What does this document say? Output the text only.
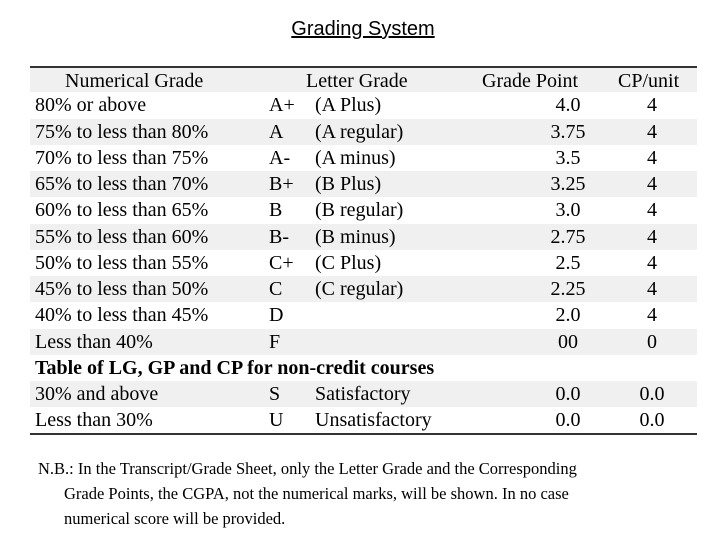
Grading System
Numerical Grade	Letter Grade	Grade Point CP/unit
80% or above	A+ (A Plus)	4.0	4
75% to less than 80%	A (A regular)	3.75	4
70% to less than 75%	A- (A minus)	3.5	4
65% to less than 70%	B+ (B Plus)	3.25	4
60% to less than 65%	B (B regular)	3.0	4
55% to less than 60%	B- (B minus)	2.75	4
50% to less than 55%	C+ (C Plus)	2.5	4
45% to less than 50%	C (C regular)	2.25	4
40% to less than 45%	D	2.0	4
Less than 40%	F	00	0
Table of LG, GP and CP for non-credit courses
30% and above	S Satisfactory	0.0	0.0
Less than 30%	U Unsatisfactory	0.0	0.0

N.B.: In the Transcript/Grade Sheet, only the Letter Grade and the Corresponding

Grade Points, the CGPA, not the numerical marks, will be shown. In no case

numerical score will be provided.
